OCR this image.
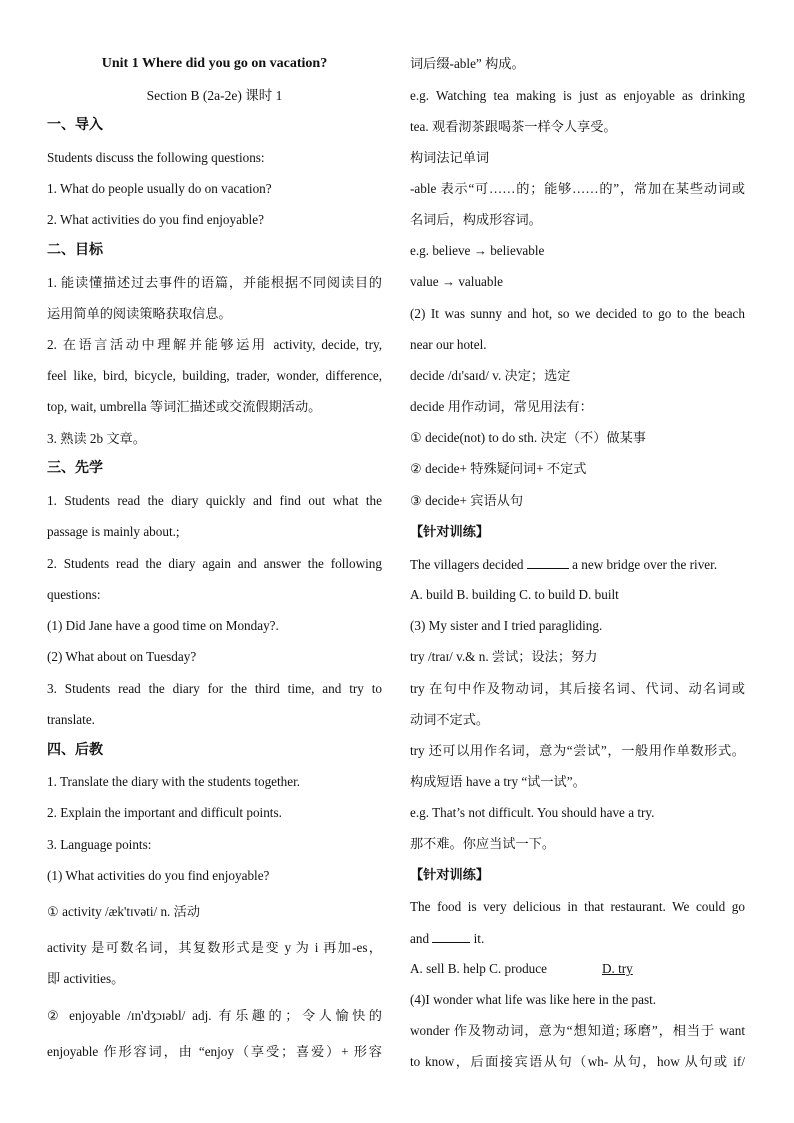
Unit 1 Where did you go on vacation?
Section B (2a-2e) 课时 1
一、导入
Students discuss the following questions:
1. What do people usually do on vacation?
2. What activities do you find enjoyable?
二、目标
1. 能读懂描述过去事件的语篇，并能根据不同阅读目的
运用简单的阅读策略获取信息。
2. 在语言活动中理解并能够运用 activity, decide, try,
feel like, bird, bicycle, building, trader, wonder, difference,
top, wait, umbrella 等词汇描述或交流假期活动。
3. 熟读 2b 文章。
三、先学
1. Students read the diary quickly and find out what the
passage is mainly about.;
2. Students read the diary again and answer the following
questions:
(1) Did Jane have a good time on Monday?.
(2) What about on Tuesday?
3. Students read the diary for the third time, and try to
translate.
四、后教
1. Translate the diary with the students together.
2. Explain the important and difficult points.
3. Language points:
(1) What activities do you find enjoyable?
① activity /æk'tɪvəti/ n. 活动
activity 是可数名词，其复数形式是变 y 为 i 再加-es，
即 activities。
② enjoyable /ɪn'dʒɔɪəbl/ adj. 有乐趣的；令人愉快的
enjoyable 作形容词，由 “enjoy（享受；喜爱）+ 形容
词后缀-able” 构成。
e.g. Watching tea making is just as enjoyable as drinking
tea. 观看沏茶跟喝茶一样令人享受。
构词法记单词
-able 表示“可……的；能够……的”，常加在某些动词或
名词后，构成形容词。
e.g. believe → believable
value → valuable
(2) It was sunny and hot, so we decided to go to the beach
near our hotel.
decide /dɪ'saɪd/ v. 决定；选定
decide 用作动词，常见用法有：
① decide(not) to do sth. 决定（不）做某事
② decide+ 特殊疑问词+ 不定式
③ decide+ 宾语从句
【针对训练】
The villagers decided	a new bridge over the river.
A. build B. building C. to build D. built
(3) My sister and I tried paragliding.
try /traɪ/ v.& n. 尝试；设法；努力
try 在句中作及物动词，其后接名词、代词、动名词或
动词不定式。
try 还可以用作名词，意为“尝试”，一般用作单数形式。
构成短语 have a try “试一试”。
e.g. That’s not difficult. You should have a try.
那不难。你应当试一下。
【针对训练】
The food is very delicious in that restaurant. We could go
and	it.
A. sell B. help C. produce	D. try
(4)I wonder what life was like here in the past.
wonder 作及物动词，意为“想知道; 琢磨”，相当于 want
to know，后面接宾语从句（wh- 从句，how 从句或 if/
